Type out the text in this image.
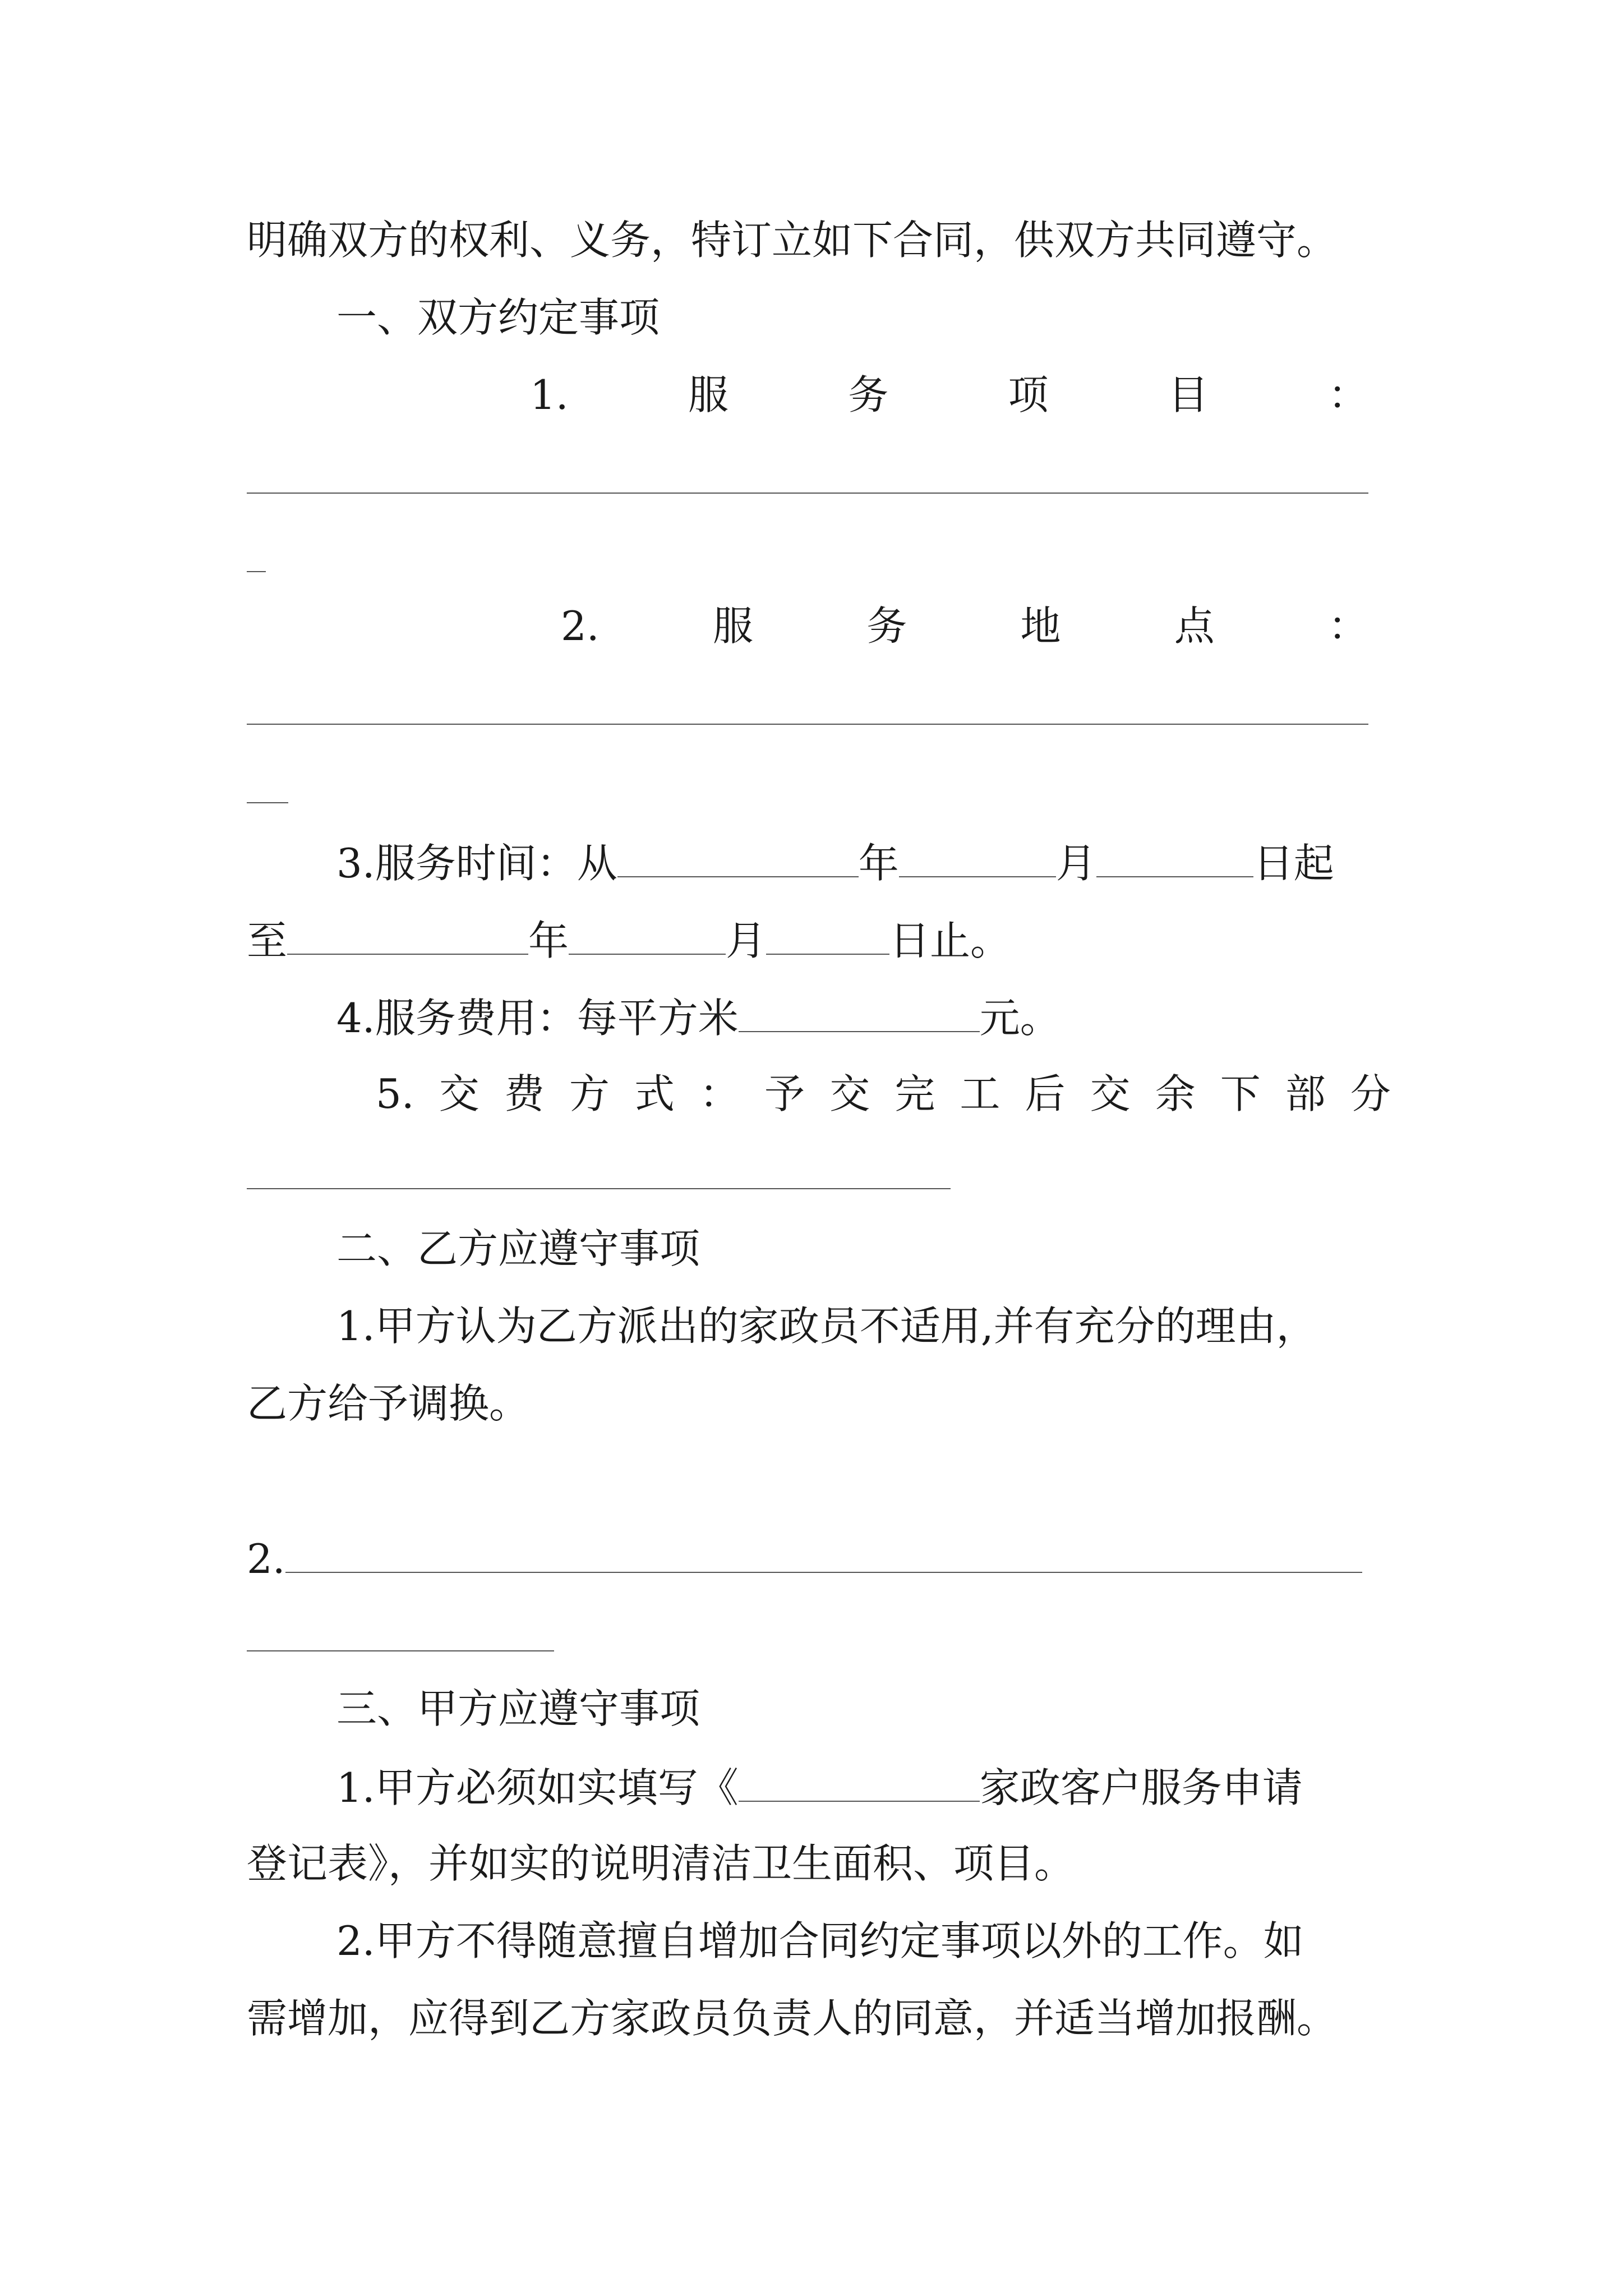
明确双方的权利、义务，特订立如下合同，供双方共同遵守。
一、双方约定事项
1.	服	务	项	目	：
2.	服	务	地	点	：
3.服务时间：从	年	月	日起
至	年	月	日止。
4.服务费用：每平方米	元。
5. 交 费 方 式 ： 予 交 完 工 后 交 余 下 部 分
二、乙方应遵守事项
1.甲方认为乙方派出的家政员不适用,并有充分的理由，
乙方给予调换。
2.
三、甲方应遵守事项
1.甲方必须如实填写《	家政客户服务申请
登记表》，并如实的说明清洁卫生面积、项目。
2.甲方不得随意擅自增加合同约定事项以外的工作。如
需增加，应得到乙方家政员负责人的同意，并适当增加报酬。
